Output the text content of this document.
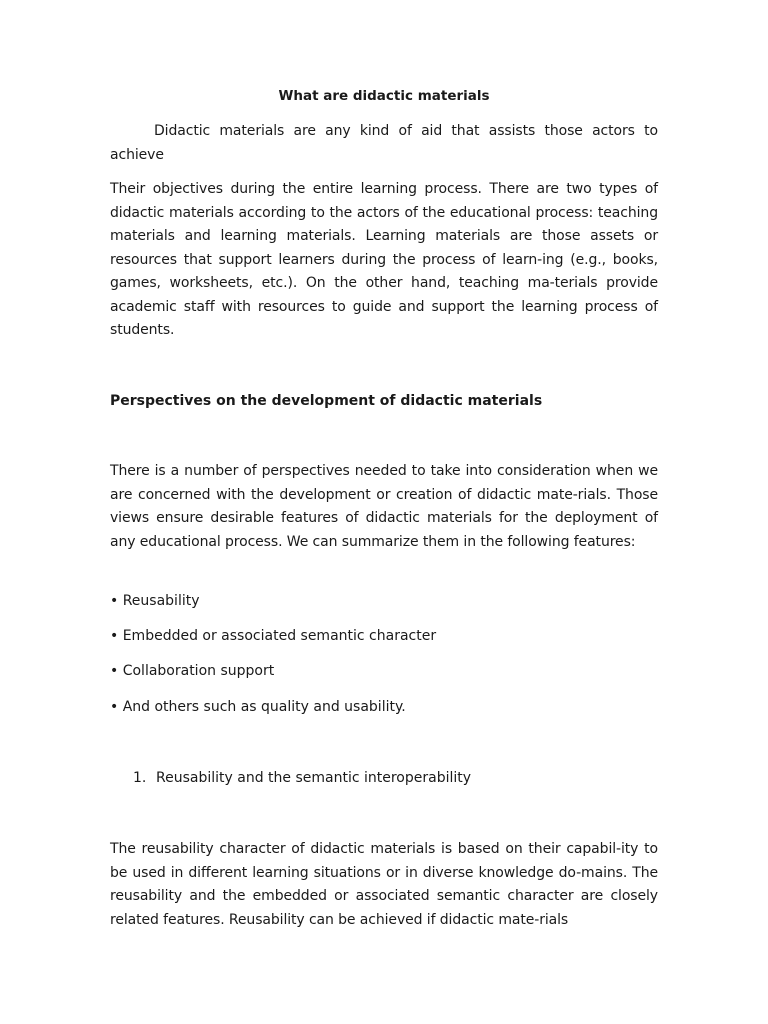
What are didactic materials

Didactic materials are any kind of aid that assists those actors to achieve

Their objectives during the entire learning process. There are two types of didactic materials according to the actors of the educational process: teaching materials and learning materials. Learning materials are those assets or resources that support learners during the process of learn-ing (e.g., books, games, worksheets, etc.). On the other hand, teaching ma-terials provide academic staff with resources to guide and support the learning process of students.

Perspectives on the development of didactic materials

There is a number of perspectives needed to take into consideration when we are concerned with the development or creation of didactic mate-rials. Those views ensure desirable features of didactic materials for the deployment of any educational process. We can summarize them in the following features:

• Reusability
• Embedded or associated semantic character
• Collaboration support
• And others such as quality and usability.
1. Reusability and the semantic interoperability

The reusability character of didactic materials is based on their capabil-ity to be used in different learning situations or in diverse knowledge do-mains. The reusability and the embedded or associated semantic character are closely related features. Reusability can be achieved if didactic mate-rials
